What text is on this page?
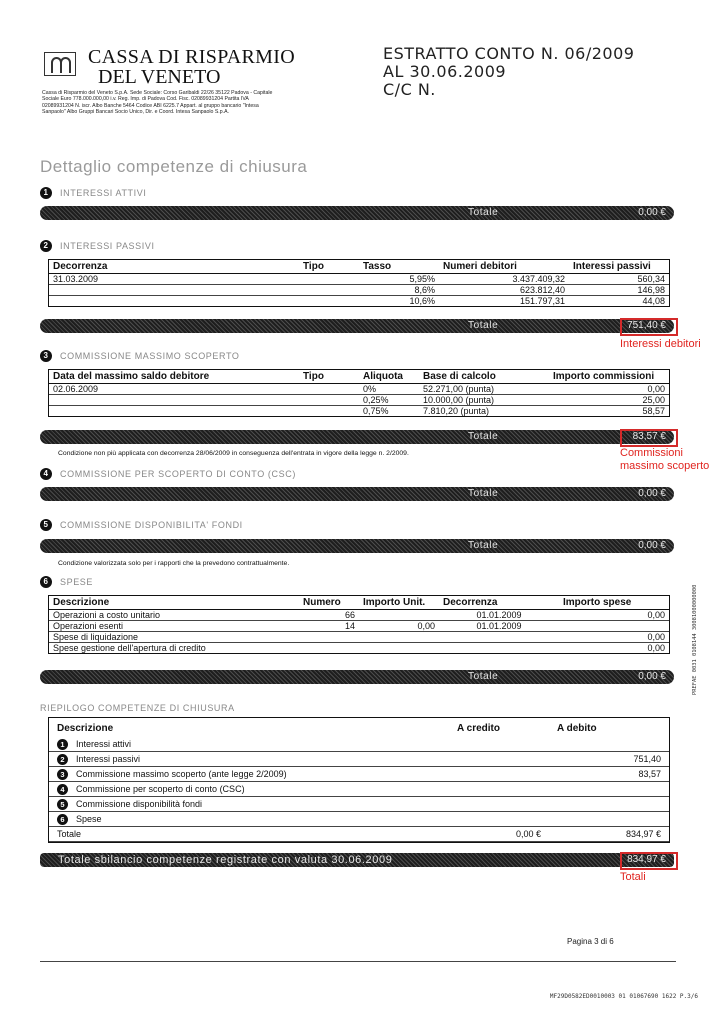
CASSA DI RISPARMIO
DEL VENETO
Cassa di Risparmio del Veneto S.p.A. Sede Sociale: Corso Garibaldi 22/26 35122 Padova - Capitale Sociale Euro 778.000.000,00 i.v. Reg. Imp. di Padova Cod. Fisc. 02089931204 Partita IVA 02089931204 N. iscr. Albo Banche 5464 Codice ABI 6225.7 Appart. al gruppo bancario "Intesa Sanpaolo" Albo Gruppi Bancari Socio Unico, Dir. e Coord. Intesa Sanpaolo S.p.A.
ESTRATTO CONTO N. 06/2009
AL 30.06.2009
C/C N.
Dettaglio competenze di chiusura
1	INTERESSI ATTIVI
Totale	0,00 €
2	INTERESSI PASSIVI
Decorrenza	Tipo	Tasso	Numeri debitori	Interessi passivi
31.03.2009		5,95%	3.437.409,32	560,34
		8,6%	623.812,40	146,98
		10,6%	151.797,31	44,08
Totale	751,40 €
Interessi debitori
3	COMMISSIONE MASSIMO SCOPERTO
Data del massimo saldo debitore	Tipo	Aliquota	Base di calcolo	Importo commissioni
02.06.2009		0%	52.271,00 (punta)	0,00
		0,25%	10.000,00 (punta)	25,00
		0,75%	7.810,20 (punta)	58,57
Totale	83,57 €
Condizione non più applicata con decorrenza 28/06/2009 in conseguenza dell'entrata in vigore della legge n. 2/2009.	Commissioni
massimo scoperto
4	COMMISSIONE PER SCOPERTO DI CONTO (CSC)
Totale	0,00 €
5	COMMISSIONE DISPONIBILITA' FONDI
Totale	0,00 €
Condizione valorizzata solo per i rapporti che la prevedono contrattualmente.
6	SPESE
Descrizione	Numero	Importo Unit.	Decorrenza	Importo spese
Operazioni a costo unitario	66		01.01.2009	0,00
Operazioni esenti	14	0,00	01.01.2009	
Spese di liquidazione				0,00
Spese gestione dell'apertura di credito				0,00
Totale	0,00 €
RIEPILOGO COMPETENZE DI CHIUSURA
Descrizione	A credito	A debito

1 Interessi attivi		

2 Interessi passivi		751,40

3 Commissione massimo scoperto (ante legge 2/2009)		83,57

4 Commissione per scoperto di conto (CSC)		

5 Commissione disponibilità fondi		

6 Spese		

Totale	0,00 €	834,97 €
Totale sbilancio competenze registrate con valuta 30.06.2009	834,97 €
Totali
PREFAE 0031 0108144 30081000000000
Pagina 3 di 6
MF29D0582ED0010003 01 01067690 1622 P.3/6
